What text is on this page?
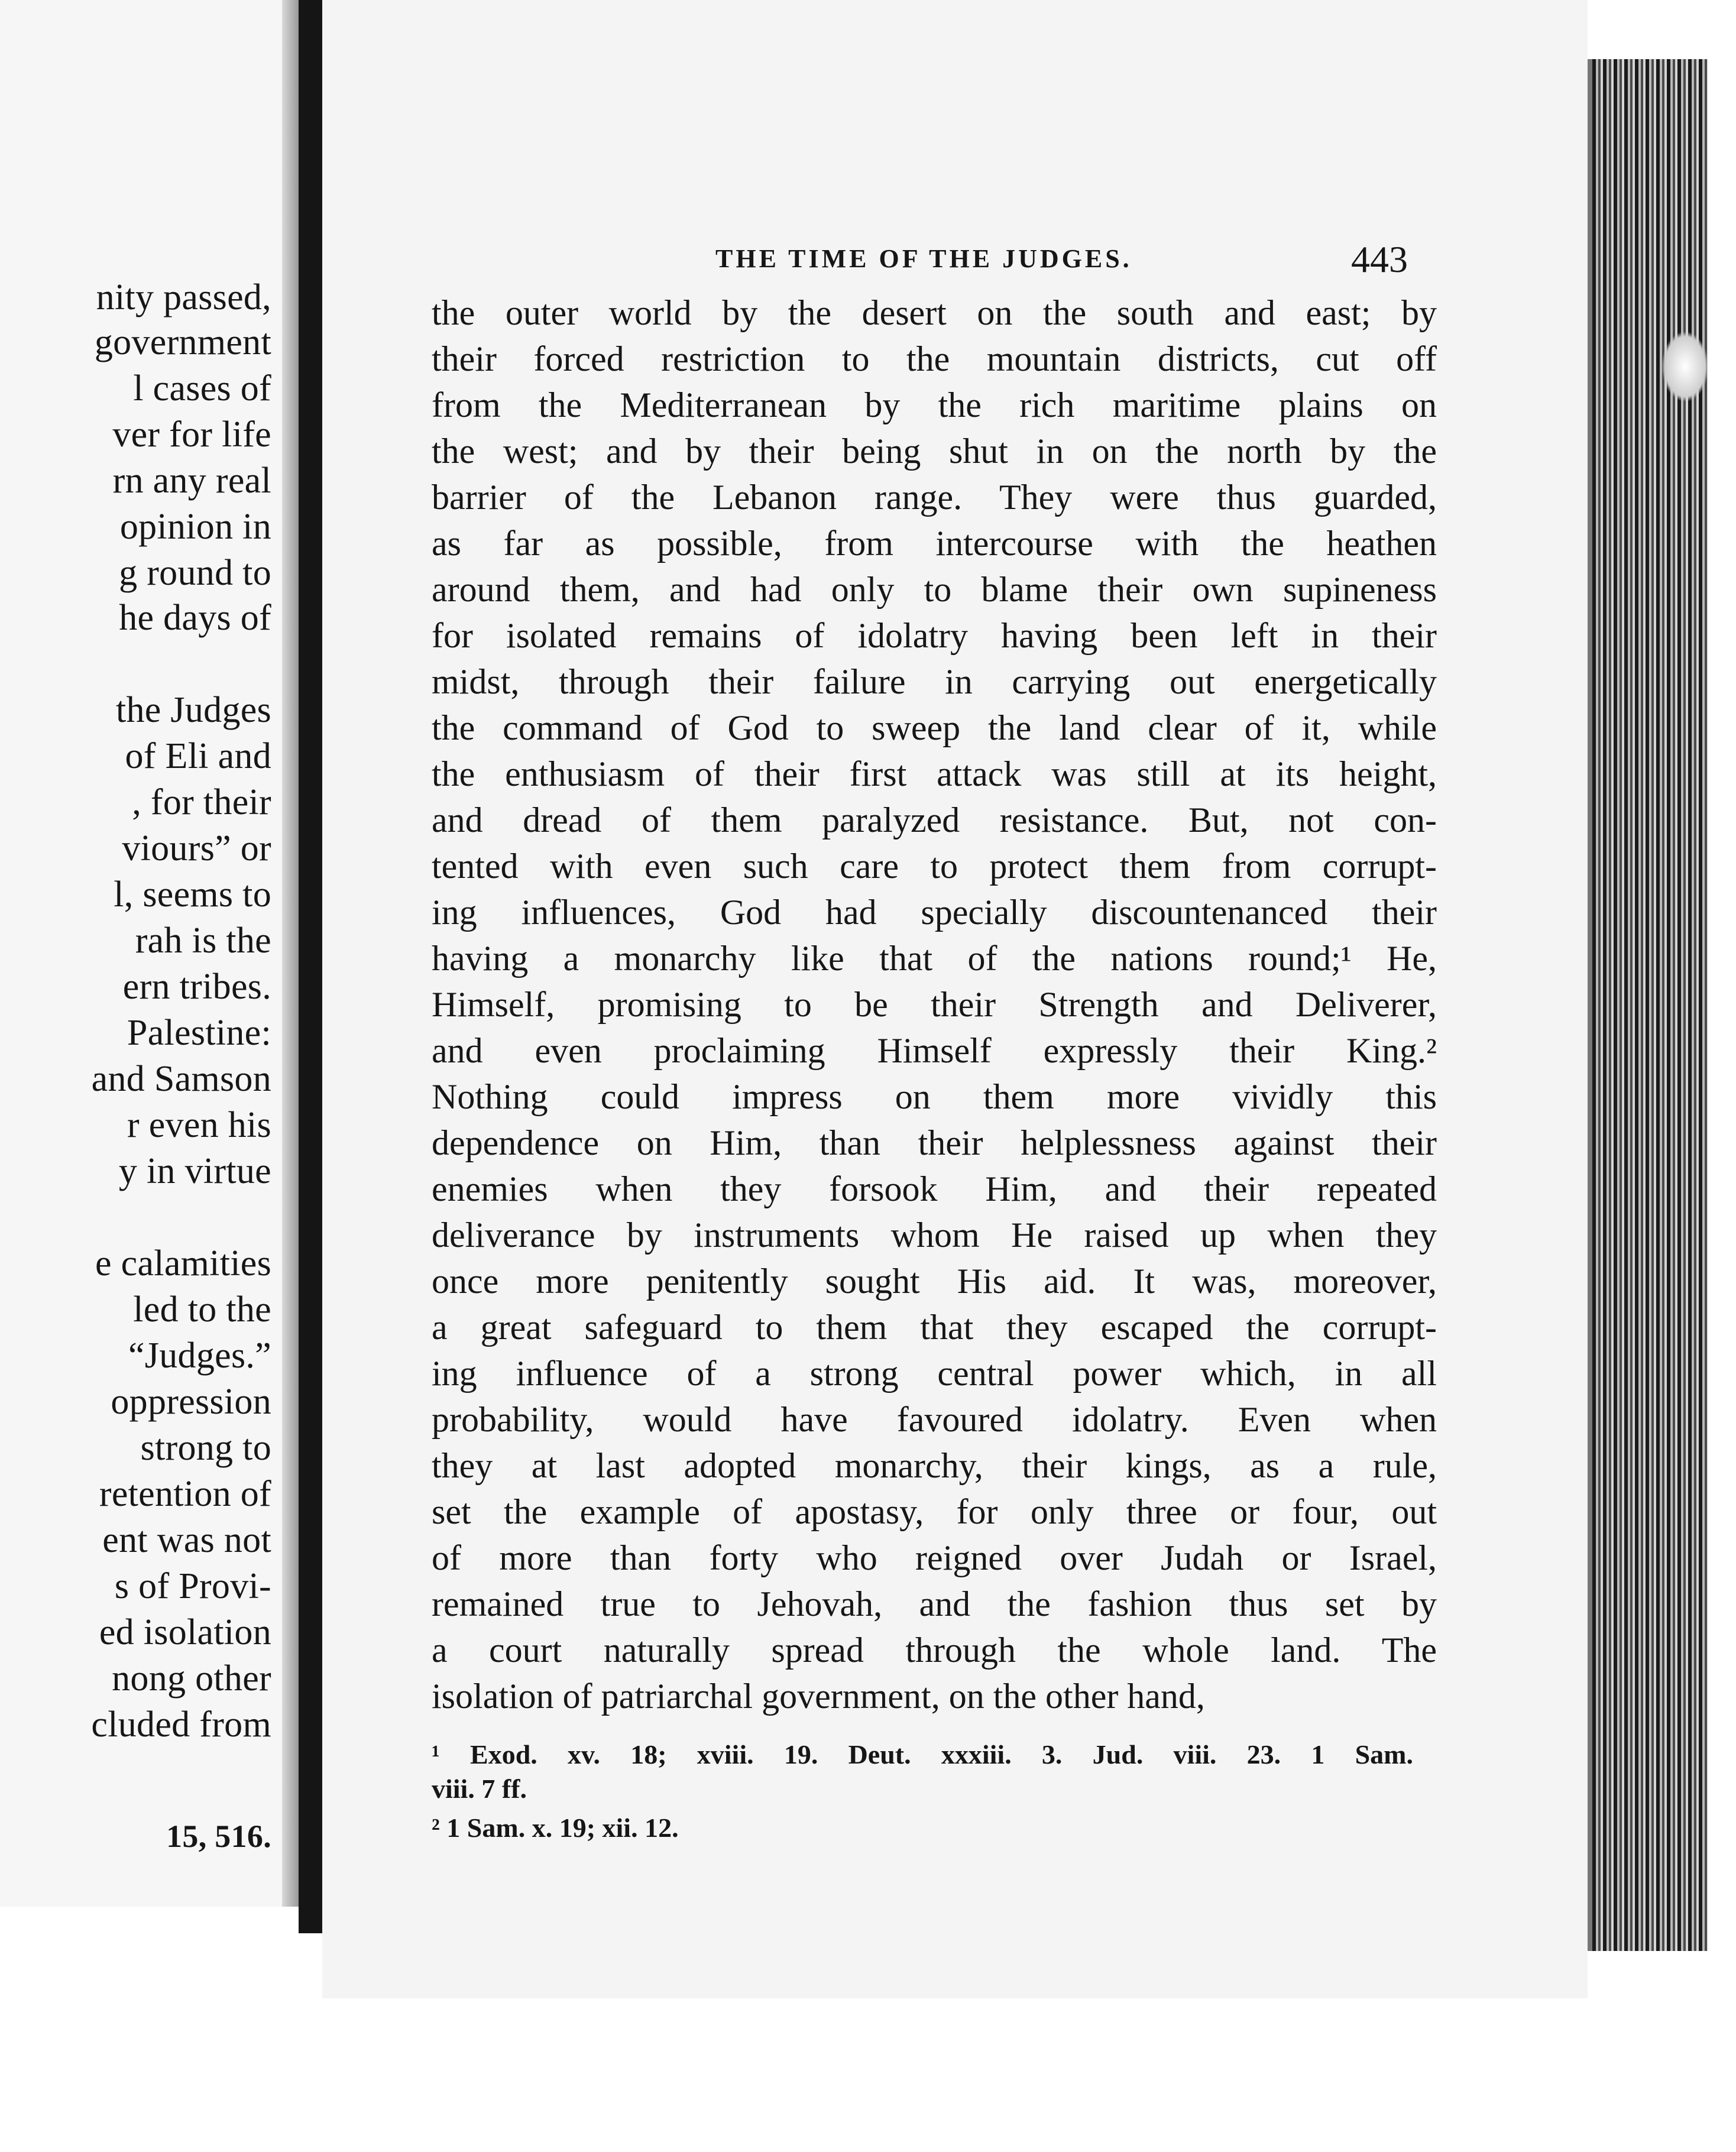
nity passed,
government
l cases of
ver for life
rn any real
opinion in
g round to
he days of
the Judges
of Eli and
, for their
viours” or
l, seems to
rah is the
ern tribes.
Palestine:
and Samson
r even his
y in virtue
e calamities
led to the
“Judges.”
oppression
strong to
retention of
ent was not
s of Provi-
ed isolation
nong other
cluded from
15, 516.
THE TIME OF THE JUDGES.	443
the outer world by the desert on the south and east; by
their forced restriction to the mountain districts, cut off
from the Mediterranean by the rich maritime plains on
the west; and by their being shut in on the north by the
barrier of the Lebanon range. They were thus guarded,
as far as possible, from intercourse with the heathen
around them, and had only to blame their own supineness
for isolated remains of idolatry having been left in their
midst, through their failure in carrying out energetically
the command of God to sweep the land clear of it, while
the enthusiasm of their first attack was still at its height,
and dread of them paralyzed resistance. But, not con-
tented with even such care to protect them from corrupt-
ing influences, God had specially discountenanced their
having a monarchy like that of the nations round;¹ He,
Himself, promising to be their Strength and Deliverer,
and even proclaiming Himself expressly their King.²
Nothing could impress on them more vividly this
dependence on Him, than their helplessness against their
enemies when they forsook Him, and their repeated
deliverance by instruments whom He raised up when they
once more penitently sought His aid. It was, moreover,
a great safeguard to them that they escaped the corrupt-
ing influence of a strong central power which, in all
probability, would have favoured idolatry. Even when
they at last adopted monarchy, their kings, as a rule,
set the example of apostasy, for only three or four, out
of more than forty who reigned over Judah or Israel,
remained true to Jehovah, and the fashion thus set by
a court naturally spread through the whole land. The
isolation of patriarchal government, on the other hand,
¹ Exod. xv. 18; xviii. 19. Deut. xxxiii. 3. Jud. viii. 23. 1 Sam.
viii. 7 ff.
² 1 Sam. x. 19; xii. 12.
